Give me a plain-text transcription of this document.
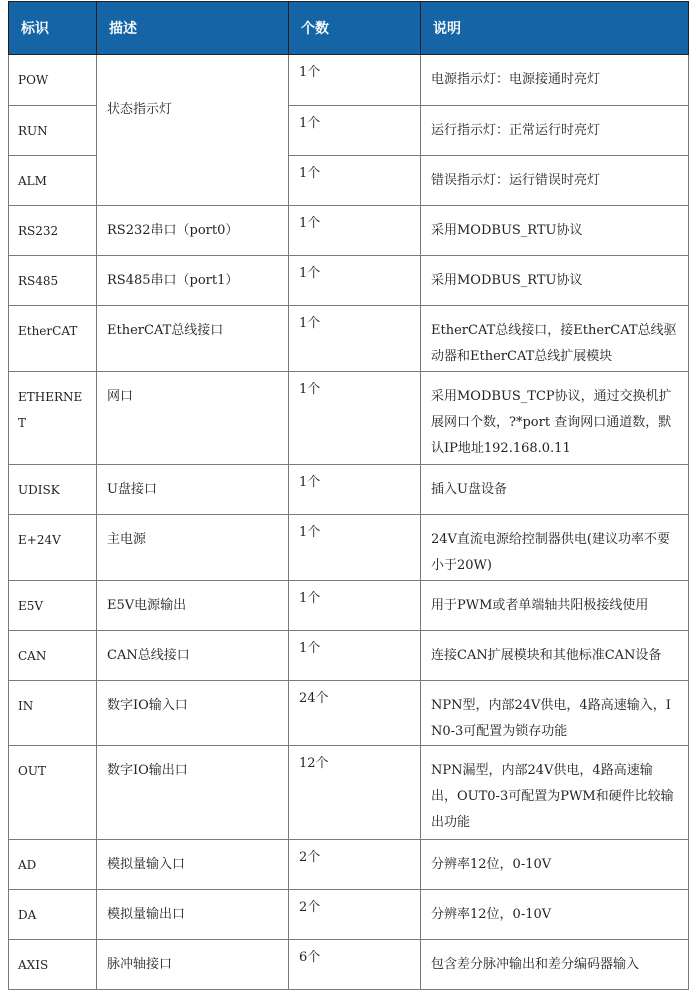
标识	描述	个数	说明
POW	状态指示灯	1个	电源指示灯：电源接通时亮灯
RUN		1个	运行指示灯：正常运行时亮灯
ALM		1个	错误指示灯：运行错误时亮灯
RS232	RS232串口（port0）	1个	采用MODBUS_RTU协议
RS485	RS485串口（port1）	1个	采用MODBUS_RTU协议
EtherCAT	EtherCAT总线接口	1个	EtherCAT总线接口，接EtherCAT总线驱动器和EtherCAT总线扩展模块
ETHERNET	网口	1个	采用MODBUS_TCP协议，通过交换机扩展网口个数，?*port 查询网口通道数，默认IP地址192.168.0.11
UDISK	U盘接口	1个	插入U盘设备
E+24V	主电源	1个	24V直流电源给控制器供电(建议功率不要小于20W)
E5V	E5V电源输出	1个	用于PWM或者单端轴共阳极接线使用
CAN	CAN总线接口	1个	连接CAN扩展模块和其他标准CAN设备
IN	数字IO输入口	24个	NPN型，内部24V供电，4路高速输入，IN0-3可配置为锁存功能
OUT	数字IO输出口	12个	NPN漏型，内部24V供电，4路高速输出，OUT0-3可配置为PWM和硬件比较输出功能
AD	模拟量输入口	2个	分辨率12位，0-10V
DA	模拟量输出口	2个	分辨率12位，0-10V
AXIS	脉冲轴接口	6个	包含差分脉冲输出和差分编码器输入
